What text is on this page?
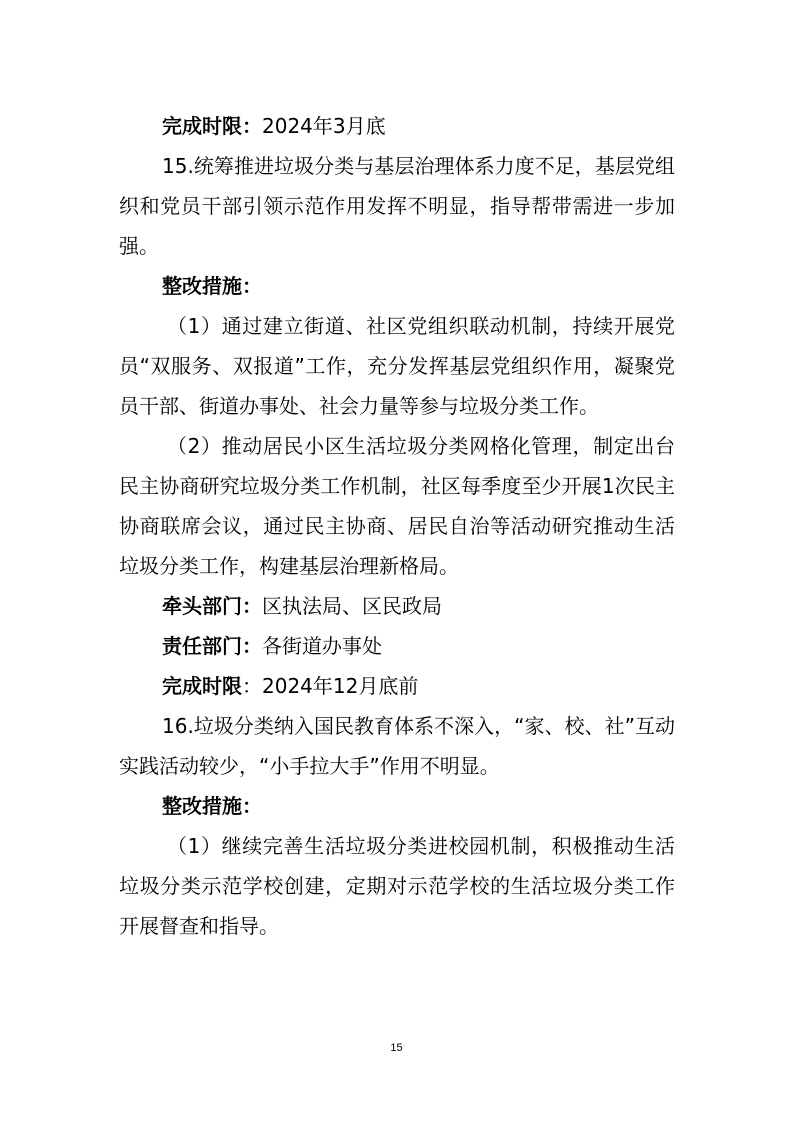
完成时限：2024年3月底

15.统筹推进垃圾分类与基层治理体系力度不足，基层党组织和党员干部引领示范作用发挥不明显，指导帮带需进一步加强。

整改措施：

（1）通过建立街道、社区党组织联动机制，持续开展党员“双服务、双报道”工作，充分发挥基层党组织作用，凝聚党员干部、街道办事处、社会力量等参与垃圾分类工作。

（2）推动居民小区生活垃圾分类网格化管理，制定出台民主协商研究垃圾分类工作机制，社区每季度至少开展1次民主协商联席会议，通过民主协商、居民自治等活动研究推动生活垃圾分类工作，构建基层治理新格局。

牵头部门：区执法局、区民政局

责任部门：各街道办事处

完成时限：2024年12月底前

16.垃圾分类纳入国民教育体系不深入，“家、校、社”互动实践活动较少，“小手拉大手”作用不明显。

整改措施：

（1）继续完善生活垃圾分类进校园机制，积极推动生活垃圾分类示范学校创建，定期对示范学校的生活垃圾分类工作开展督查和指导。

15
